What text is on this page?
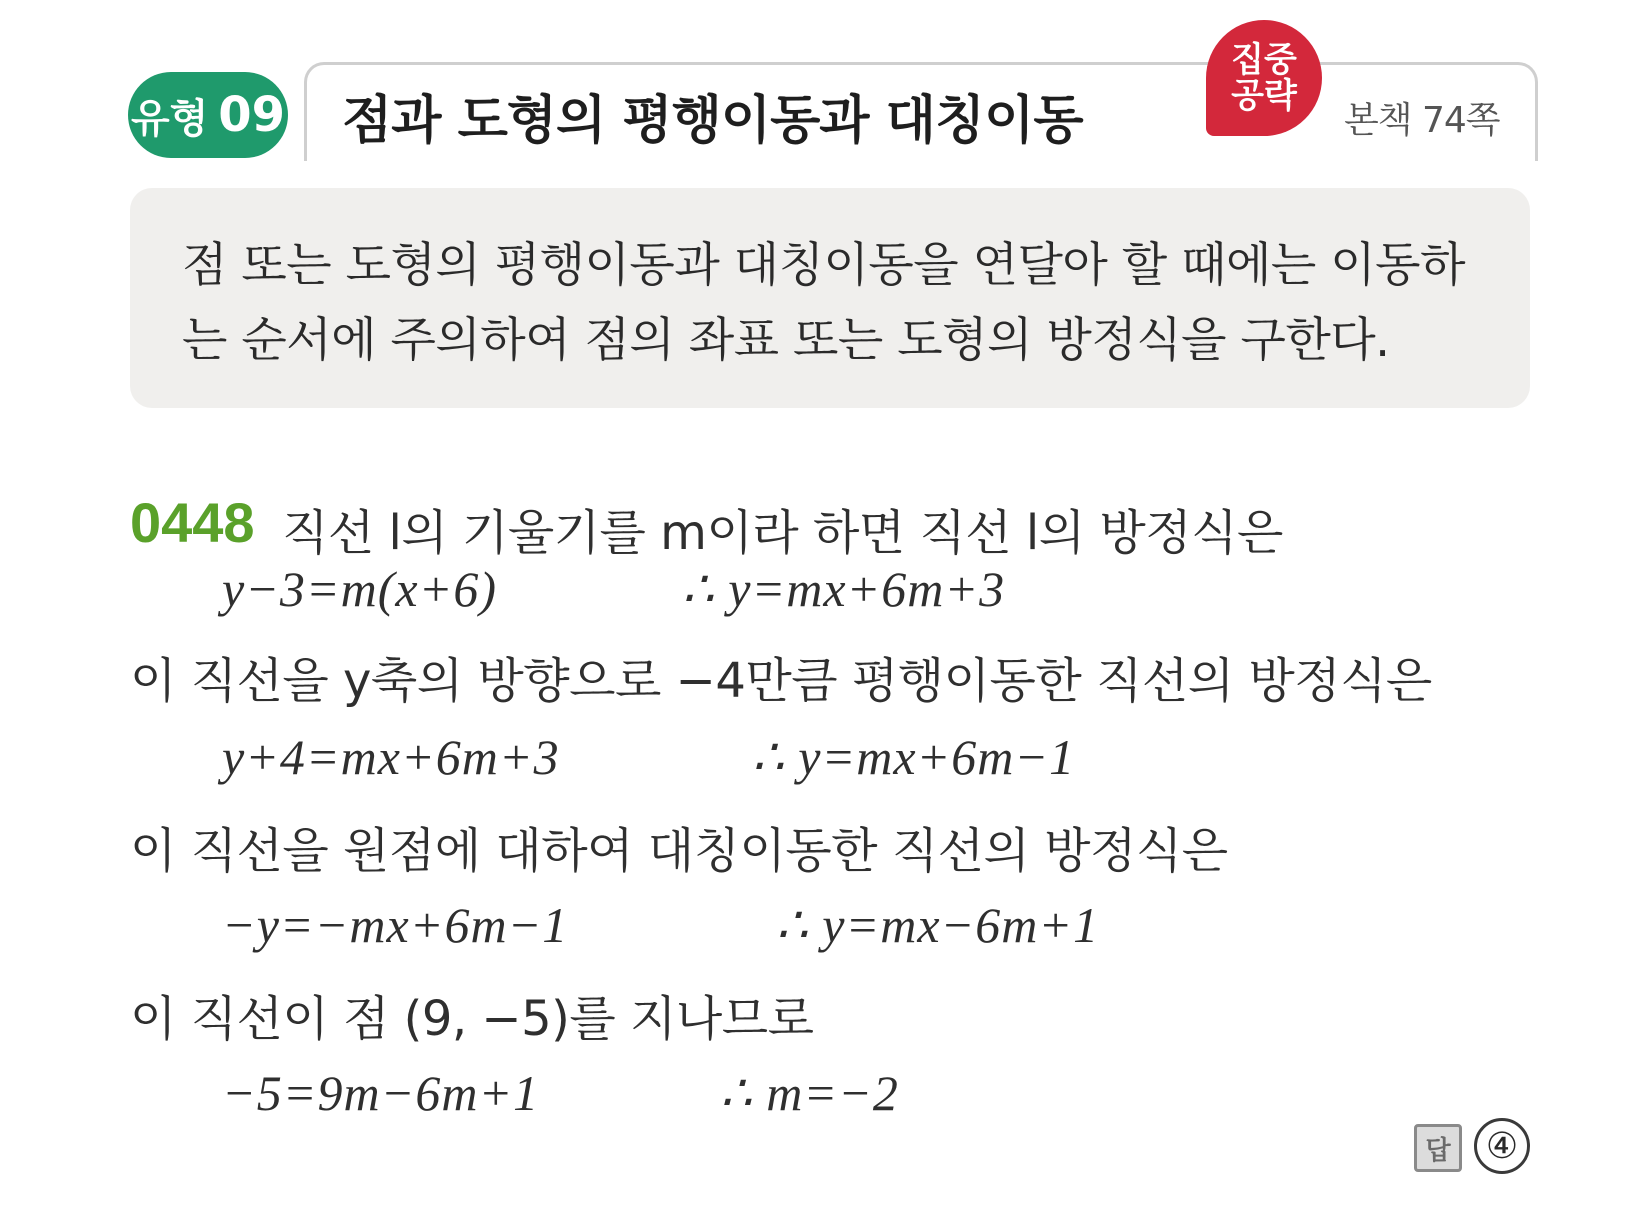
유형 09 점과 도형의 평행이동과 대칭이동
집중
공략
본책 74쪽
점 또는 도형의 평행이동과 대칭이동을 연달아 할 때에는 이동하
는 순서에 주의하여 점의 좌표 또는 도형의 방정식을 구한다.
0448 직선 l의 기울기를 m이라 하면 직선 l의 방정식은
y−3=m(x+6)	∴ y=mx+6m+3
이 직선을 y축의 방향으로 −4만큼 평행이동한 직선의 방정식은
y+4=mx+6m+3	∴ y=mx+6m−1
이 직선을 원점에 대하여 대칭이동한 직선의 방정식은
−y=−mx+6m−1	∴ y=mx−6m+1
이 직선이 점 (9, −5)를 지나므로
−5=9m−6m+1	∴ m=−2
답 ④
